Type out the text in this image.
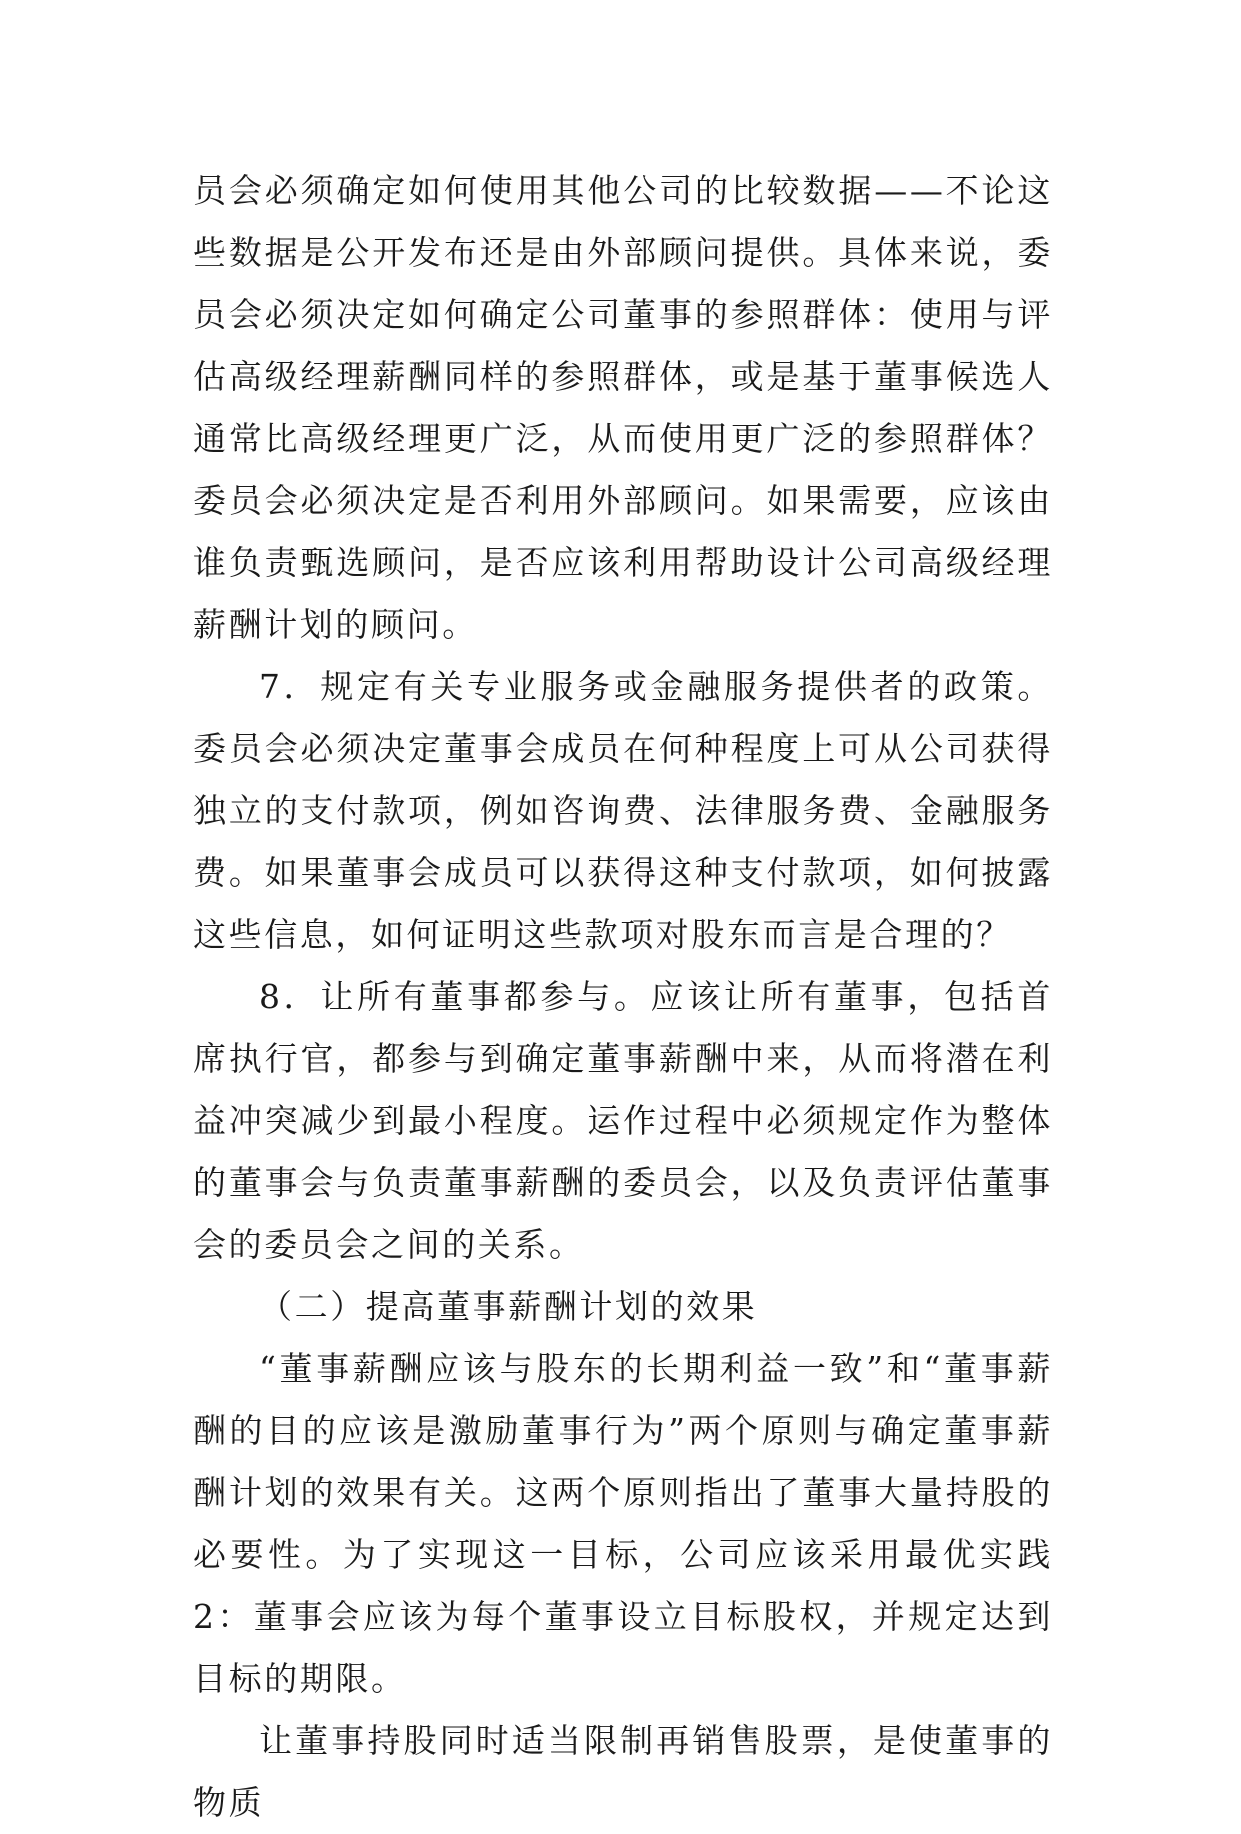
员会必须确定如何使用其他公司的比较数据——不论这些数据是公开发布还是由外部顾问提供。具体来说，委员会必须决定如何确定公司董事的参照群体：使用与评估高级经理薪酬同样的参照群体，或是基于董事候选人通常比高级经理更广泛，从而使用更广泛的参照群体？委员会必须决定是否利用外部顾问。如果需要，应该由谁负责甄选顾问，是否应该利用帮助设计公司高级经理薪酬计划的顾问。

7．规定有关专业服务或金融服务提供者的政策。委员会必须决定董事会成员在何种程度上可从公司获得独立的支付款项，例如咨询费、法律服务费、金融服务费。如果董事会成员可以获得这种支付款项，如何披露这些信息，如何证明这些款项对股东而言是合理的？

8．让所有董事都参与。应该让所有董事，包括首席执行官，都参与到确定董事薪酬中来，从而将潜在利益冲突减少到最小程度。运作过程中必须规定作为整体的董事会与负责董事薪酬的委员会，以及负责评估董事会的委员会之间的关系。

（二）提高董事薪酬计划的效果

“董事薪酬应该与股东的长期利益一致”和“董事薪酬的目的应该是激励董事行为”两个原则与确定董事薪酬计划的效果有关。这两个原则指出了董事大量持股的必要性。为了实现这一目标，公司应该采用最优实践2：董事会应该为每个董事设立目标股权，并规定达到目标的期限。

让董事持股同时适当限制再销售股票，是使董事的物质
